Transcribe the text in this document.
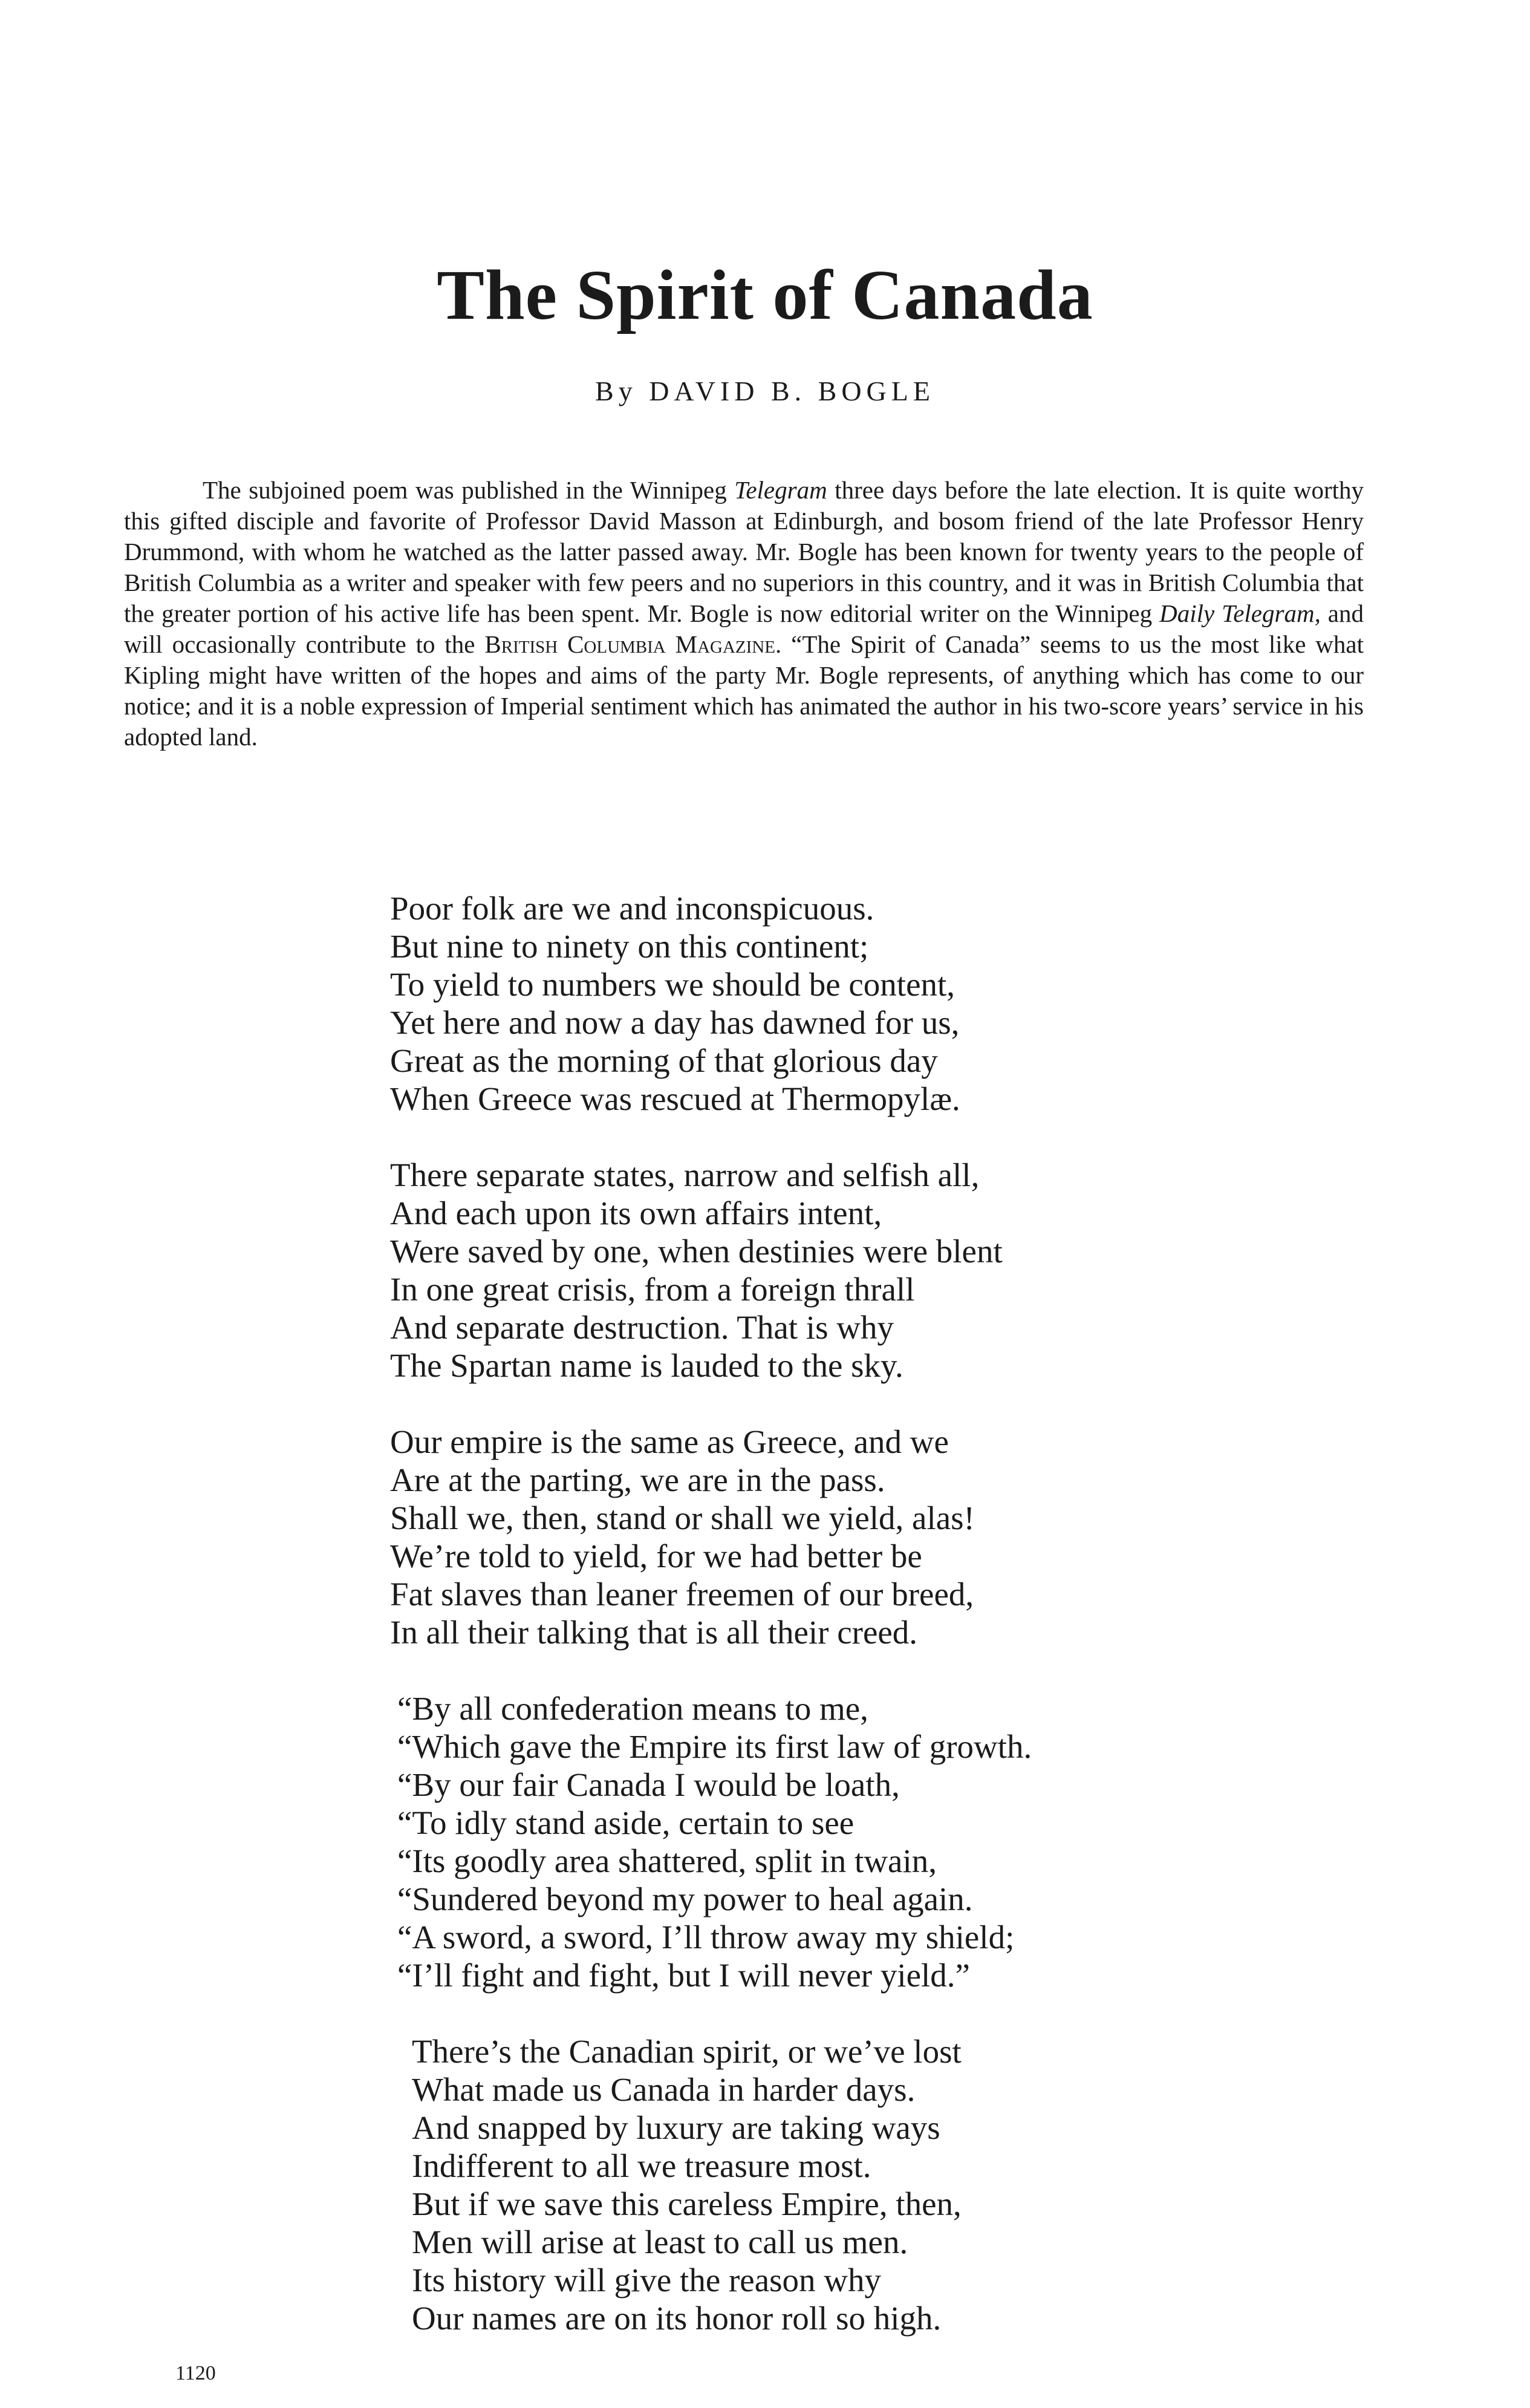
The Spirit of Canada
By DAVID B. BOGLE

The subjoined poem was published in the Winnipeg Telegram three days before the late election. It is quite worthy this gifted disciple and favorite of Professor David Masson at Edinburgh, and bosom friend of the late Professor Henry Drummond, with whom he watched as the latter passed away. Mr. Bogle has been known for twenty years to the people of British Columbia as a writer and speaker with few peers and no superiors in this country, and it was in British Columbia that the greater portion of his active life has been spent. Mr. Bogle is now editorial writer on the Winnipeg Daily Telegram, and will occasionally contribute to the British Columbia Magazine. “The Spirit of Canada” seems to us the most like what Kipling might have written of the hopes and aims of the party Mr. Bogle represents, of anything which has come to our notice; and it is a noble expression of Imperial sentiment which has animated the author in his two-score years’ service in his adopted land.

Poor folk are we and inconspicuous.
But nine to ninety on this continent;
To yield to numbers we should be content,
Yet here and now a day has dawned for us,
Great as the morning of that glorious day
When Greece was rescued at Thermopylæ.
There separate states, narrow and selfish all,
And each upon its own affairs intent,
Were saved by one, when destinies were blent
In one great crisis, from a foreign thrall
And separate destruction. That is why
The Spartan name is lauded to the sky.
Our empire is the same as Greece, and we
Are at the parting, we are in the pass.
Shall we, then, stand or shall we yield, alas!
We’re told to yield, for we had better be
Fat slaves than leaner freemen of our breed,
In all their talking that is all their creed.
“By all confederation means to me,
“Which gave the Empire its first law of growth.
“By our fair Canada I would be loath,
“To idly stand aside, certain to see
“Its goodly area shattered, split in twain,
“Sundered beyond my power to heal again.
“A sword, a sword, I’ll throw away my shield;
“I’ll fight and fight, but I will never yield.”
There’s the Canadian spirit, or we’ve lost
What made us Canada in harder days.
And snapped by luxury are taking ways
Indifferent to all we treasure most.
But if we save this careless Empire, then,
Men will arise at least to call us men.
Its history will give the reason why
Our names are on its honor roll so high.
1120
